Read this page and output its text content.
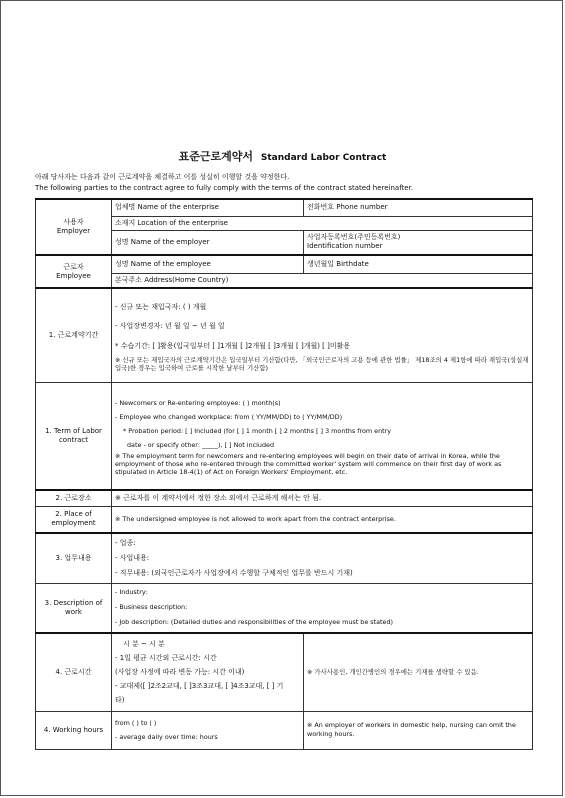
표준근로계약서 Standard Labor Contract
아래 당사자는 다음과 같이 근로계약을 체결하고 이를 성실히 이행할 것을 약정한다.
The following parties to the contract agree to fully comply with the terms of the contract stated hereinafter.
사용자
Employer	업체명 Name of the enterprise	전화번호 Phone number
	소재지 Location of the enterprise	
	성명 Name of the employer	사업자등록번호(주민등록번호)
Identification number

근로자
Employee	성명 Name of the employee	생년월일 Birthdate
	본국주소 Address(Home Country)	
1. 근로계약기간	- 신규 또는 재입국자: ( ) 개월
- 사업장변경자: 년 월 일 ~ 년 월 일
* 수습기간: [ ]활용(입국일부터 [ ]1개월 [ ]2개월 [ ]3개월 [ ]개월) [ ]미활용
※ 신규 또는 재입국자의 근로계약기간은 입국일부터 기산함(다만, 「외국인근로자의 고용 등에 관한 법률」 제18조의 4 제1항에 따라 재입국(성실재입국)한 경우는 입국하여 근로를 시작한 날부터 기산함)	

1. Term of Labor contract	- Newcomers or Re-entering employee: ( ) month(s)
- Employee who changed workplace: from ( YY/MM/DD) to ( YY/MM/DD)
* Probation period: [ ] Included (for [ ] 1 month [ ] 2 months [ ] 3 months from entry
date - or specify other: _____), [ ] Not included
※ The employment term for newcomers and re-entering employees will begin on their date of arrival in Korea, while the employment of those who re-entered through the committed worker' system will commence on their first day of work as stipulated in Article 18-4(1) of Act on Foreign Workers' Employment, etc.	

2. 근로장소	※ 근로자를 이 계약서에서 정한 장소 외에서 근로하게 해서는 안 됨.	
2. Place of employment	※ The undersigned employee is not allowed to work apart from the contract enterprise.	
3. 업무내용	- 업종:
- 사업내용:
- 직무내용: (외국인근로자가 사업장에서 수행할 구체적인 업무를 반드시 기재)	

3. Description of work	- Industry:
- Business description:
- Job description: (Detailed duties and responsibilities of the employee must be stated)	

4. 근로시간	시 분 ~ 시 분
- 1일 평균 시간외 근로시간: 시간
(사업장 사정에 따라 변동 가능: 시간 이내)
- 교대제([ ]2조2교대, [ ]3조3교대, [ ]4조3교대, [ ] 기
타)	※ 가사사용인, 개인간병인의 경우에는 기재를 생략할 수 있음.
4. Working hours	from ( ) to ( )
- average daily over time: hours	※ An employer of workers in domestic help, nursing can omit the working hours.
